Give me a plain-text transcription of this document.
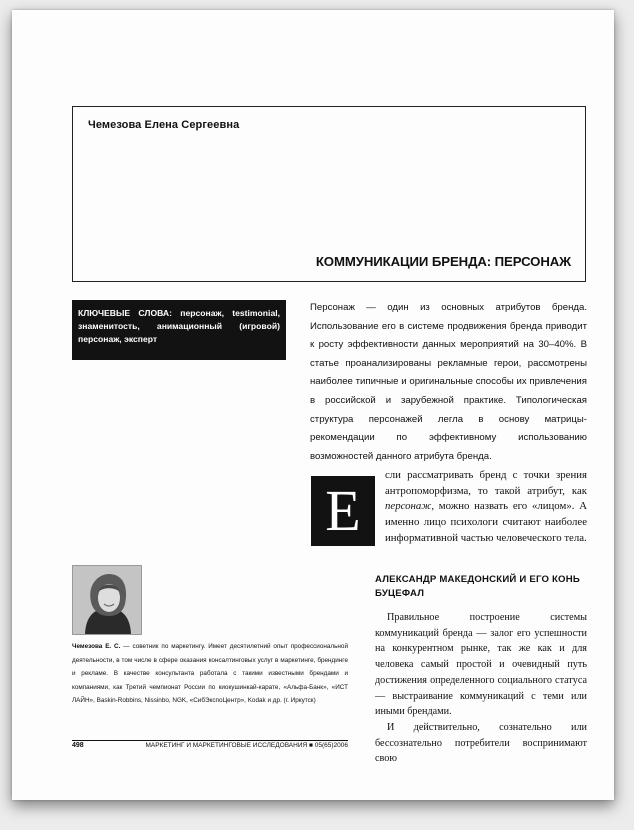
Чемезова Елена Сергеевна
КОММУНИКАЦИИ БРЕНДА: ПЕРСОНАЖ
КЛЮЧЕВЫЕ СЛОВА: персонаж, testimonial, знаменитость, анимационный (игровой) персонаж, эксперт
Персонаж — один из основных атрибутов бренда. Использование его в системе продвижения бренда приводит к росту эффективности данных мероприятий на 30–40%. В статье проанализированы рекламные герои, рассмотрены наиболее типичные и оригинальные способы их привлечения в российской и зарубежной практике. Типологическая структура персонажей легла в основу матрицы-рекомендации по эффективному использованию возможностей данного атрибута бренда.
Е
сли рассматривать бренд с точки зрения антропоморфизма, то такой атрибут, как персонаж, можно назвать его «лицом». А именно лицо психологи считают наиболее информативной частью человеческого тела.
АЛЕКСАНДР МАКЕДОНСКИЙ И ЕГО КОНЬ БУЦЕФАЛ

Правильное построение системы коммуникаций бренда — залог его успешности на конкурентном рынке, так же как и для человека самый простой и очевидный путь достижения определенного социального статуса — выстраивание коммуникаций с теми или иными брендами.

И действительно, сознательно или бессознательно потребители воспринимают свою

Чемезова Е. С. — советник по маркетингу. Имеет десятилетний опыт профессиональной деятельности, в том числе в сфере оказания консалтинговых услуг в маркетинге, брендинге и рекламе. В качестве консультанта работала с такими известными брендами и компаниями, как Третий чемпионат России по киокушинкай-карате, «Альфа-Банк», «ИСТ ЛАЙН», Baskin-Robbins, Nissinbo, NGK, «СибЭкспоЦентр», Kodak и др. (г. Иркутск)
498	МАРКЕТИНГ И МАРКЕТИНГОВЫЕ ИССЛЕДОВАНИЯ ■ 05(65)2006
